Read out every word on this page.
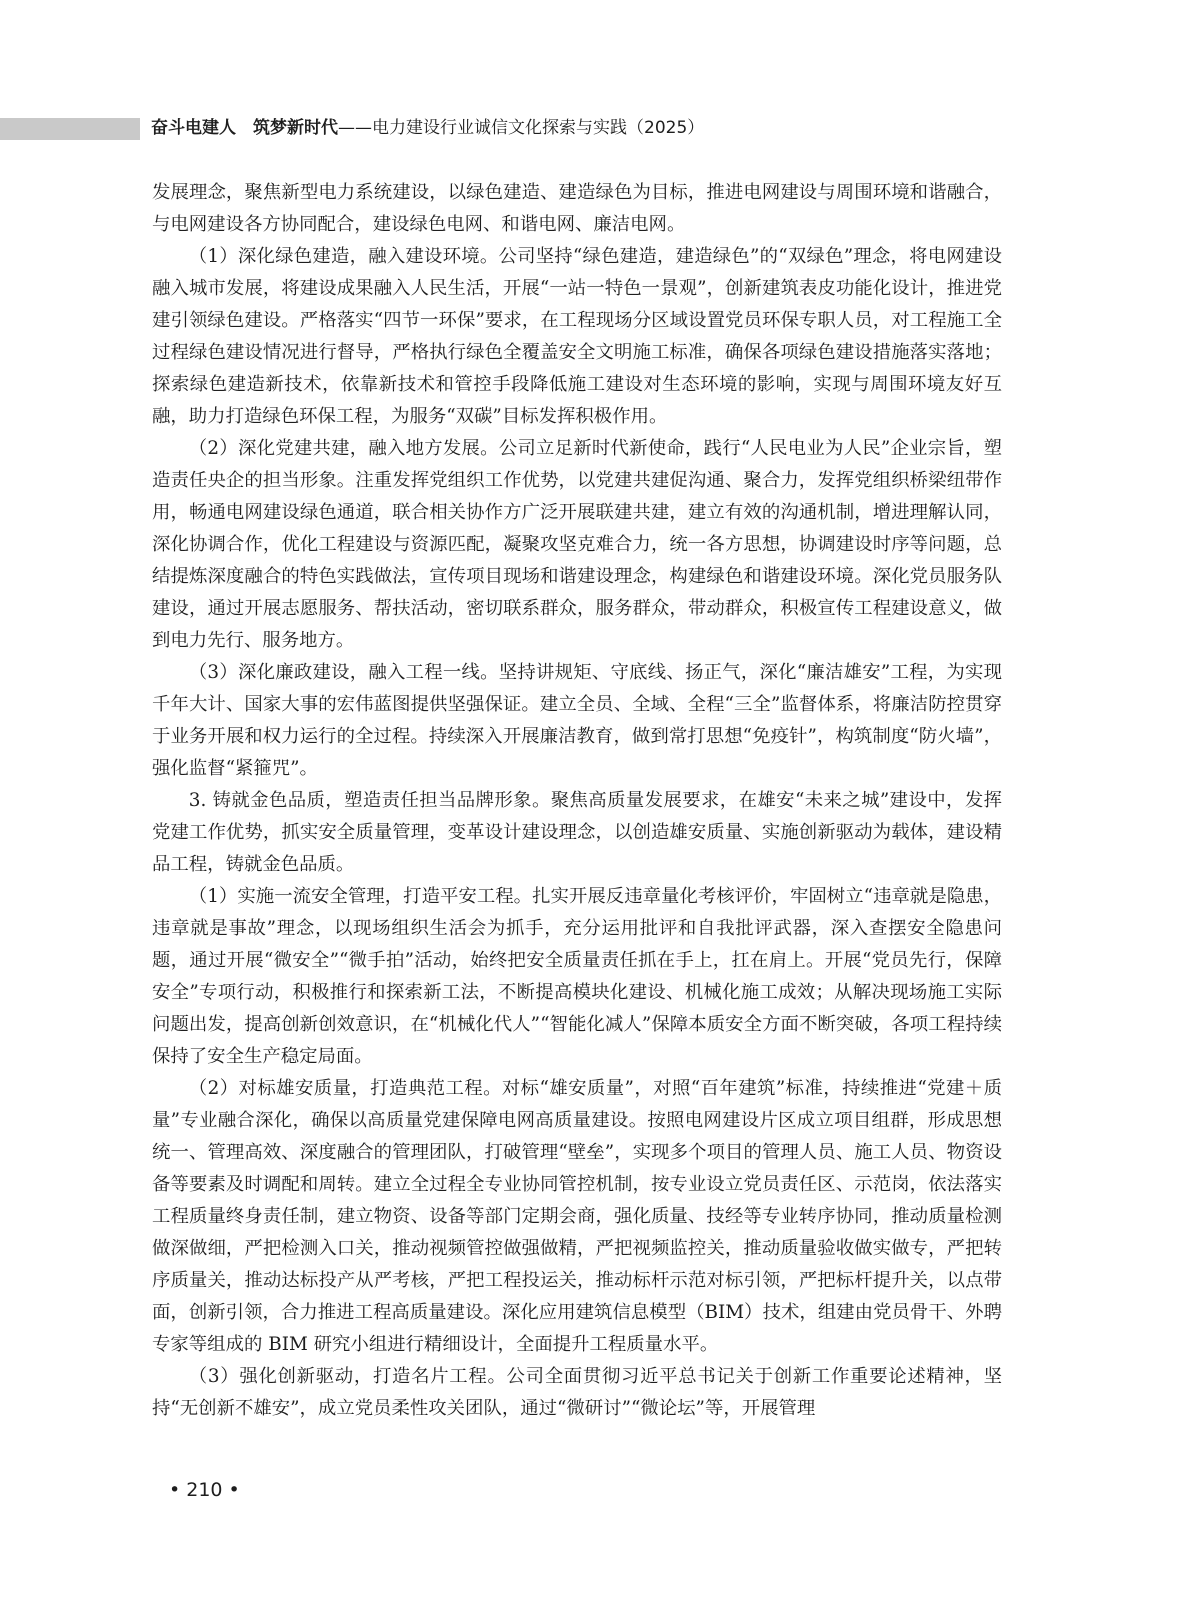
奋斗电建人　筑梦新时代——电力建设行业诚信文化探索与实践（2025）

发展理念，聚焦新型电力系统建设，以绿色建造、建造绿色为目标，推进电网建设与周围环境和谐融合，与电网建设各方协同配合，建设绿色电网、和谐电网、廉洁电网。

（1）深化绿色建造，融入建设环境。公司坚持“绿色建造，建造绿色”的“双绿色”理念，将电网建设融入城市发展，将建设成果融入人民生活，开展“一站一特色一景观”，创新建筑表皮功能化设计，推进党建引领绿色建设。严格落实“四节一环保”要求，在工程现场分区域设置党员环保专职人员，对工程施工全过程绿色建设情况进行督导，严格执行绿色全覆盖安全文明施工标准，确保各项绿色建设措施落实落地；探索绿色建造新技术，依靠新技术和管控手段降低施工建设对生态环境的影响，实现与周围环境友好互融，助力打造绿色环保工程，为服务“双碳”目标发挥积极作用。

（2）深化党建共建，融入地方发展。公司立足新时代新使命，践行“人民电业为人民”企业宗旨，塑造责任央企的担当形象。注重发挥党组织工作优势，以党建共建促沟通、聚合力，发挥党组织桥梁纽带作用，畅通电网建设绿色通道，联合相关协作方广泛开展联建共建，建立有效的沟通机制，增进理解认同，深化协调合作，优化工程建设与资源匹配，凝聚攻坚克难合力，统一各方思想，协调建设时序等问题，总结提炼深度融合的特色实践做法，宣传项目现场和谐建设理念，构建绿色和谐建设环境。深化党员服务队建设，通过开展志愿服务、帮扶活动，密切联系群众，服务群众，带动群众，积极宣传工程建设意义，做到电力先行、服务地方。

（3）深化廉政建设，融入工程一线。坚持讲规矩、守底线、扬正气，深化“廉洁雄安”工程，为实现千年大计、国家大事的宏伟蓝图提供坚强保证。建立全员、全域、全程“三全”监督体系，将廉洁防控贯穿于业务开展和权力运行的全过程。持续深入开展廉洁教育，做到常打思想“免疫针”，构筑制度“防火墙”，强化监督“紧箍咒”。

3. 铸就金色品质，塑造责任担当品牌形象。聚焦高质量发展要求，在雄安“未来之城”建设中，发挥党建工作优势，抓实安全质量管理，变革设计建设理念，以创造雄安质量、实施创新驱动为载体，建设精品工程，铸就金色品质。

（1）实施一流安全管理，打造平安工程。扎实开展反违章量化考核评价，牢固树立“违章就是隐患，违章就是事故”理念，以现场组织生活会为抓手，充分运用批评和自我批评武器，深入查摆安全隐患问题，通过开展“微安全”“微手拍”活动，始终把安全质量责任抓在手上，扛在肩上。开展“党员先行，保障安全”专项行动，积极推行和探索新工法，不断提高模块化建设、机械化施工成效；从解决现场施工实际问题出发，提高创新创效意识，在“机械化代人”“智能化减人”保障本质安全方面不断突破，各项工程持续保持了安全生产稳定局面。

（2）对标雄安质量，打造典范工程。对标“雄安质量”，对照“百年建筑”标准，持续推进“党建＋质量”专业融合深化，确保以高质量党建保障电网高质量建设。按照电网建设片区成立项目组群，形成思想统一、管理高效、深度融合的管理团队，打破管理“壁垒”，实现多个项目的管理人员、施工人员、物资设备等要素及时调配和周转。建立全过程全专业协同管控机制，按专业设立党员责任区、示范岗，依法落实工程质量终身责任制，建立物资、设备等部门定期会商，强化质量、技经等专业转序协同，推动质量检测做深做细，严把检测入口关，推动视频管控做强做精，严把视频监控关，推动质量验收做实做专，严把转序质量关，推动达标投产从严考核，严把工程投运关，推动标杆示范对标引领，严把标杆提升关，以点带面，创新引领，合力推进工程高质量建设。深化应用建筑信息模型（BIM）技术，组建由党员骨干、外聘专家等组成的 BIM 研究小组进行精细设计，全面提升工程质量水平。

（3）强化创新驱动，打造名片工程。公司全面贯彻习近平总书记关于创新工作重要论述精神，坚持“无创新不雄安”，成立党员柔性攻关团队，通过“微研讨”“微论坛”等，开展管理

• 210 •
